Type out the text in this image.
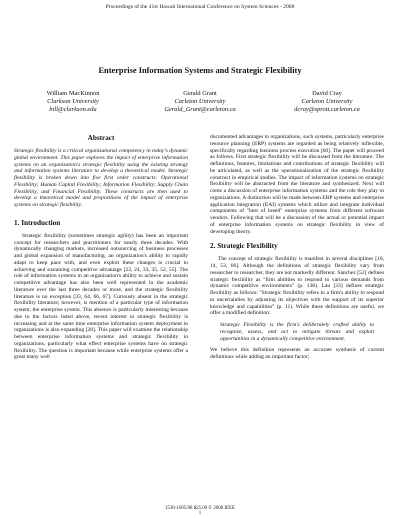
Proceedings of the 41st Hawaii International Conference on System Sciences - 2008
Enterprise Information Systems and Strategic Flexibility
William MacKinnon
Clarkson University
bill@clarkson.edu
Gerald Grant
Carleton University
Gerald_Grant@carleton.ca
David Cray
Carleton University
dcray@sprott.carleton.ca
Abstract

Strategic flexibility is a critical organizational competency in today's dynamic global environment. This paper explores the impact of enterprise information systems on an organization's strategic flexibility using the existing strategy and information systems literature to develop a theoretical model. Strategic flexibility is broken down into five first order constructs: Operational Flexibility; Human Capital Flexibility; Information Flexibility; Supply Chain Flexibility, and Financial Flexibility. These constructs are then used to develop a theoretical model and propositions of the impact of enterprise systems on strategic flexibility.

1. Introduction

Strategic flexibility (sometimes strategic agility) has been an important concept for researchers and practitioners for nearly three decades. With dynamically changing markets, increased outsourcing of business processes and global expansion of manufacturing, an organization's ability to rapidly adapt to keep pace with, and even exploit these changes is crucial to achieving and sustaining competitive advantage [23, 24, 33, 35, 52, 55]. The role of information systems in an organization's ability to achieve and sustain competitive advantage has also been well represented in the academic literature over the last three decades or more, and the strategic flexibility literature is no exception [33, 64, 66, 67]. Curiously absent in the strategic flexibility literature; however, is mention of a particular type of information system; the enterprise system. This absence is particularly interesting because due to the factors listed above, recent interest in strategic flexibility is increasing and at the same time enterprise information system deployment in organizations is also expanding [28]. This paper will examine the relationship between enterprise information systems and strategic flexibility in organizations, particularly what effect enterprise systems have on strategic flexibility. The question is important because while enterprise systems offer a great many well

documented advantages to organizations, such systems, particularly enterprise resource planning (ERP) systems are regarded as being relatively inflexible, specifically regarding business process execution [60]. The paper will proceed as follows. First strategic flexibility will be discussed from the literature. The definitions, features, limitations and contributions of strategic flexibility will be articulated, as well as the operationalization of the strategic flexibility construct in empirical studies. The impact of information systems on strategic flexibility will be abstracted from the literature and synthesized. Next will come a discussion of enterprise information systems and the role they play in organizations. A distinction will be made between ERP systems and enterprise application integration (EAI) systems which utilize and integrate individual components of "best of breed" enterprise systems from different software vendors. Following that will be a discussion of the actual or potential impact of enterprise information systems on strategic flexibility in view of developing theory.

2. Strategic Flexibility

The concept of strategic flexibility is manifest in several disciplines [10, 14, 53, 66]. Although the definitions of strategic flexibility vary from researcher to researcher, they are not markedly different. Sanchez [52] defines strategic flexibility as "firm abilities to respond to various demands from dynamic competitive environments" (p. 138). Lau [33] defines strategic flexibility as follows: "Strategic flexibility refers to a firm's ability to respond to uncertainties by adjusting its objectives with the support of its superior knowledge and capabilities" (p. 11). While these definitions are useful, we offer a modified definition:

Strategic Flexibility is the firm's deliberately crafted ability to recognize, assess, and act to mitigate threats and exploit opportunities in a dynamically competitive environment.

We believe this definition represents an accurate synthesis of current definitions while adding an important factor;

1530-1605/08 $25.00 © 2008 IEEE
1
